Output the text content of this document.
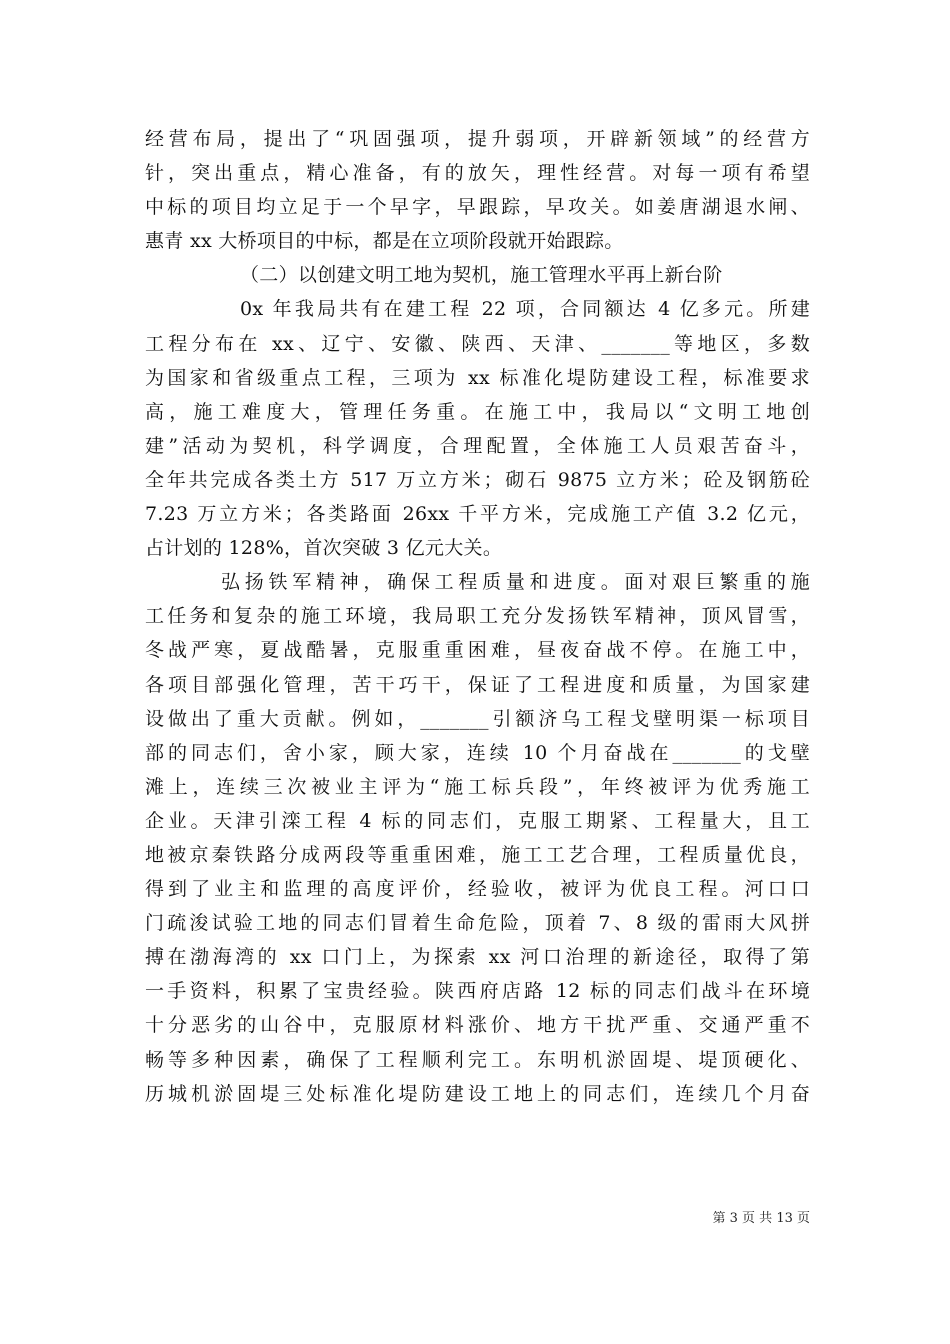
经营布局，提出了“巩固强项，提升弱项，开辟新领域”的经营方
针，突出重点，精心准备，有的放矢，理性经营。对每一项有希望
中标的项目均立足于一个早字，早跟踪，早攻关。如姜唐湖退水闸、
惠青 xx 大桥项目的中标，都是在立项阶段就开始跟踪。
（二）以创建文明工地为契机，施工管理水平再上新台阶
0x 年我局共有在建工程 22 项，合同额达 4 亿多元。所建
工程分布在 xx、辽宁、安徽、陕西、天津、_______等地区，多数
为国家和省级重点工程，三项为 xx 标准化堤防建设工程，标准要求
高，施工难度大，管理任务重。在施工中，我局以“文明工地创
建”活动为契机，科学调度，合理配置，全体施工人员艰苦奋斗，
全年共完成各类土方 517 万立方米；砌石 9875 立方米；砼及钢筋砼
7.23 万立方米；各类路面 26xx 千平方米，完成施工产值 3.2 亿元，
占计划的 128%，首次突破 3 亿元大关。
弘扬铁军精神，确保工程质量和进度。面对艰巨繁重的施
工任务和复杂的施工环境，我局职工充分发扬铁军精神，顶风冒雪，
冬战严寒，夏战酷暑，克服重重困难，昼夜奋战不停。在施工中，
各项目部强化管理，苦干巧干，保证了工程进度和质量，为国家建
设做出了重大贡献。例如，_______引额济乌工程戈壁明渠一标项目
部的同志们，舍小家，顾大家，连续 10 个月奋战在_______的戈壁
滩上，连续三次被业主评为“施工标兵段”，年终被评为优秀施工
企业。天津引滦工程 4 标的同志们，克服工期紧、工程量大，且工
地被京秦铁路分成两段等重重困难，施工工艺合理，工程质量优良，
得到了业主和监理的高度评价，经验收，被评为优良工程。河口口
门疏浚试验工地的同志们冒着生命危险，顶着 7、8 级的雷雨大风拼
搏在渤海湾的 xx 口门上，为探索 xx 河口治理的新途径，取得了第
一手资料，积累了宝贵经验。陕西府店路 12 标的同志们战斗在环境
十分恶劣的山谷中，克服原材料涨价、地方干扰严重、交通严重不
畅等多种因素，确保了工程顺利完工。东明机淤固堤、堤顶硬化、
历城机淤固堤三处标准化堤防建设工地上的同志们，连续几个月奋
第 3 页 共 13 页
